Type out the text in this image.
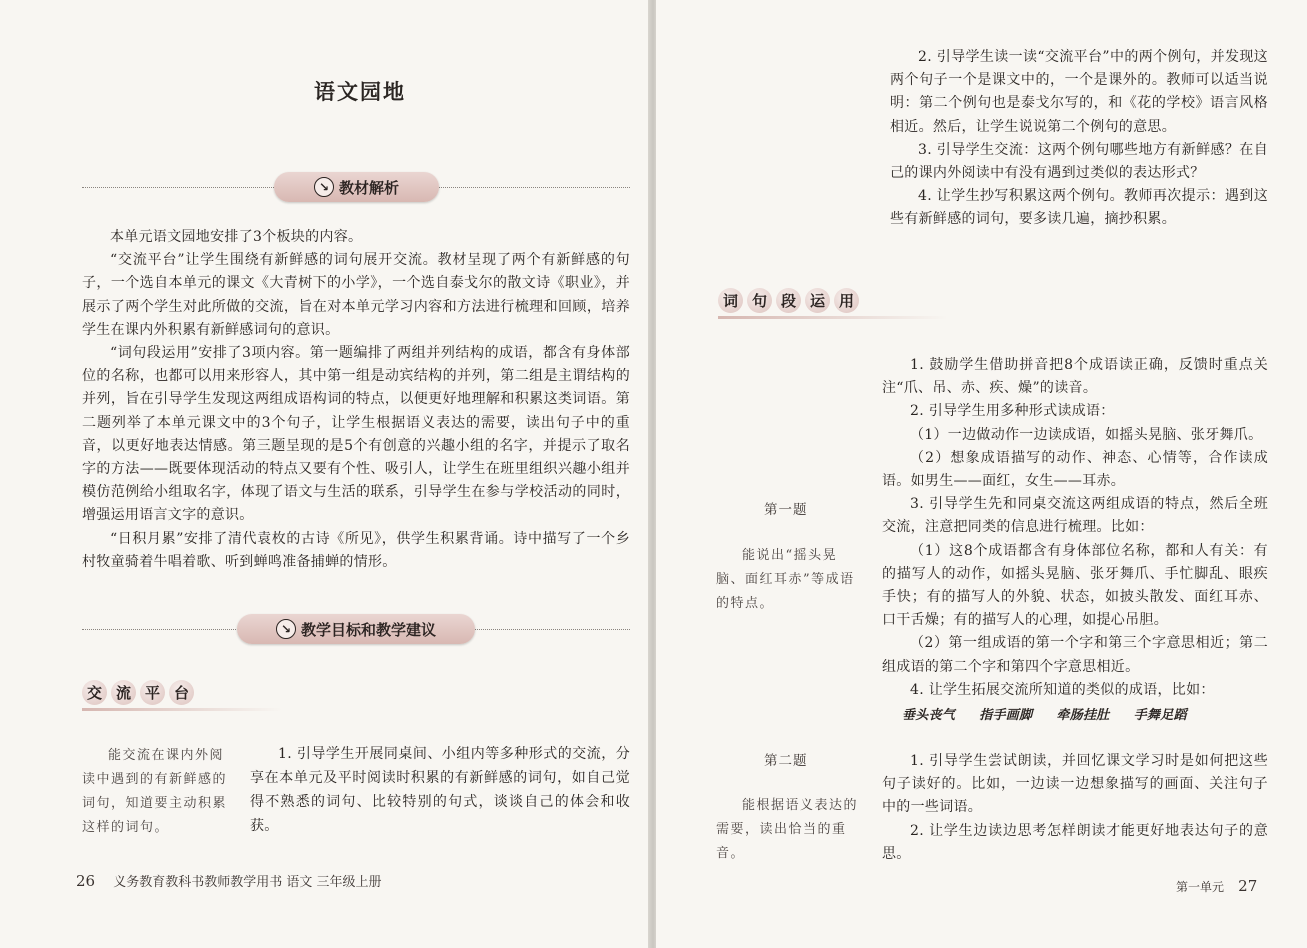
语文园地
↘ 教材解析

本单元语文园地安排了3个板块的内容。

“交流平台”让学生围绕有新鲜感的词句展开交流。教材呈现了两个有新鲜感的句子，一个选自本单元的课文《大青树下的小学》，一个选自泰戈尔的散文诗《职业》，并展示了两个学生对此所做的交流，旨在对本单元学习内容和方法进行梳理和回顾，培养学生在课内外积累有新鲜感词句的意识。

“词句段运用”安排了3项内容。第一题编排了两组并列结构的成语，都含有身体部位的名称，也都可以用来形容人，其中第一组是动宾结构的并列，第二组是主谓结构的并列，旨在引导学生发现这两组成语构词的特点，以便更好地理解和积累这类词语。第二题列举了本单元课文中的3个句子，让学生根据语义表达的需要，读出句子中的重音，以更好地表达情感。第三题呈现的是5个有创意的兴趣小组的名字，并提示了取名字的方法——既要体现活动的特点又要有个性、吸引人，让学生在班里组织兴趣小组并模仿范例给小组取名字，体现了语文与生活的联系，引导学生在参与学校活动的同时，增强运用语言文字的意识。

“日积月累”安排了清代袁枚的古诗《所见》，供学生积累背诵。诗中描写了一个乡村牧童骑着牛唱着歌、听到蝉鸣准备捕蝉的情形。

↘ 教学目标和教学建议
交 流 平 台

能交流在课内外阅读中遇到的有新鲜感的词句，知道要主动积累这样的词句。

1. 引导学生开展同桌间、小组内等多种形式的交流，分享在本单元及平时阅读时积累的有新鲜感的词句，如自己觉得不熟悉的词句、比较特别的句式，谈谈自己的体会和收获。

26 义务教育教科书教师教学用书 语文 三年级上册

2. 引导学生读一读“交流平台”中的两个例句，并发现这两个句子一个是课文中的，一个是课外的。教师可以适当说明：第二个例句也是泰戈尔写的，和《花的学校》语言风格相近。然后，让学生说说第二个例句的意思。

3. 引导学生交流：这两个例句哪些地方有新鲜感？在自己的课内外阅读中有没有遇到过类似的表达形式？

4. 让学生抄写积累这两个例句。教师再次提示：遇到这些有新鲜感的词句，要多读几遍，摘抄积累。

词 句 段 运 用
第一题

能说出“摇头晃脑、面红耳赤”等成语的特点。

1. 鼓励学生借助拼音把8个成语读正确，反馈时重点关注“爪、吊、赤、疾、燥”的读音。

2. 引导学生用多种形式读成语：

（1）一边做动作一边读成语，如摇头晃脑、张牙舞爪。

（2）想象成语描写的动作、神态、心情等，合作读成语。如男生——面红，女生——耳赤。

3. 引导学生先和同桌交流这两组成语的特点，然后全班交流，注意把同类的信息进行梳理。比如：

（1）这8个成语都含有身体部位名称，都和人有关：有的描写人的动作，如摇头晃脑、张牙舞爪、手忙脚乱、眼疾手快；有的描写人的外貌、状态，如披头散发、面红耳赤、口干舌燥；有的描写人的心理，如提心吊胆。

（2）第一组成语的第一个字和第三个字意思相近；第二组成语的第二个字和第四个字意思相近。

4. 让学生拓展交流所知道的类似的成语，比如：

垂头丧气 指手画脚 牵肠挂肚 手舞足蹈
第二题

能根据语义表达的需要，读出恰当的重音。

1. 引导学生尝试朗读，并回忆课文学习时是如何把这些句子读好的。比如，一边读一边想象描写的画面、关注句子中的一些词语。

2. 让学生边读边思考怎样朗读才能更好地表达句子的意思。

第一单元 27
